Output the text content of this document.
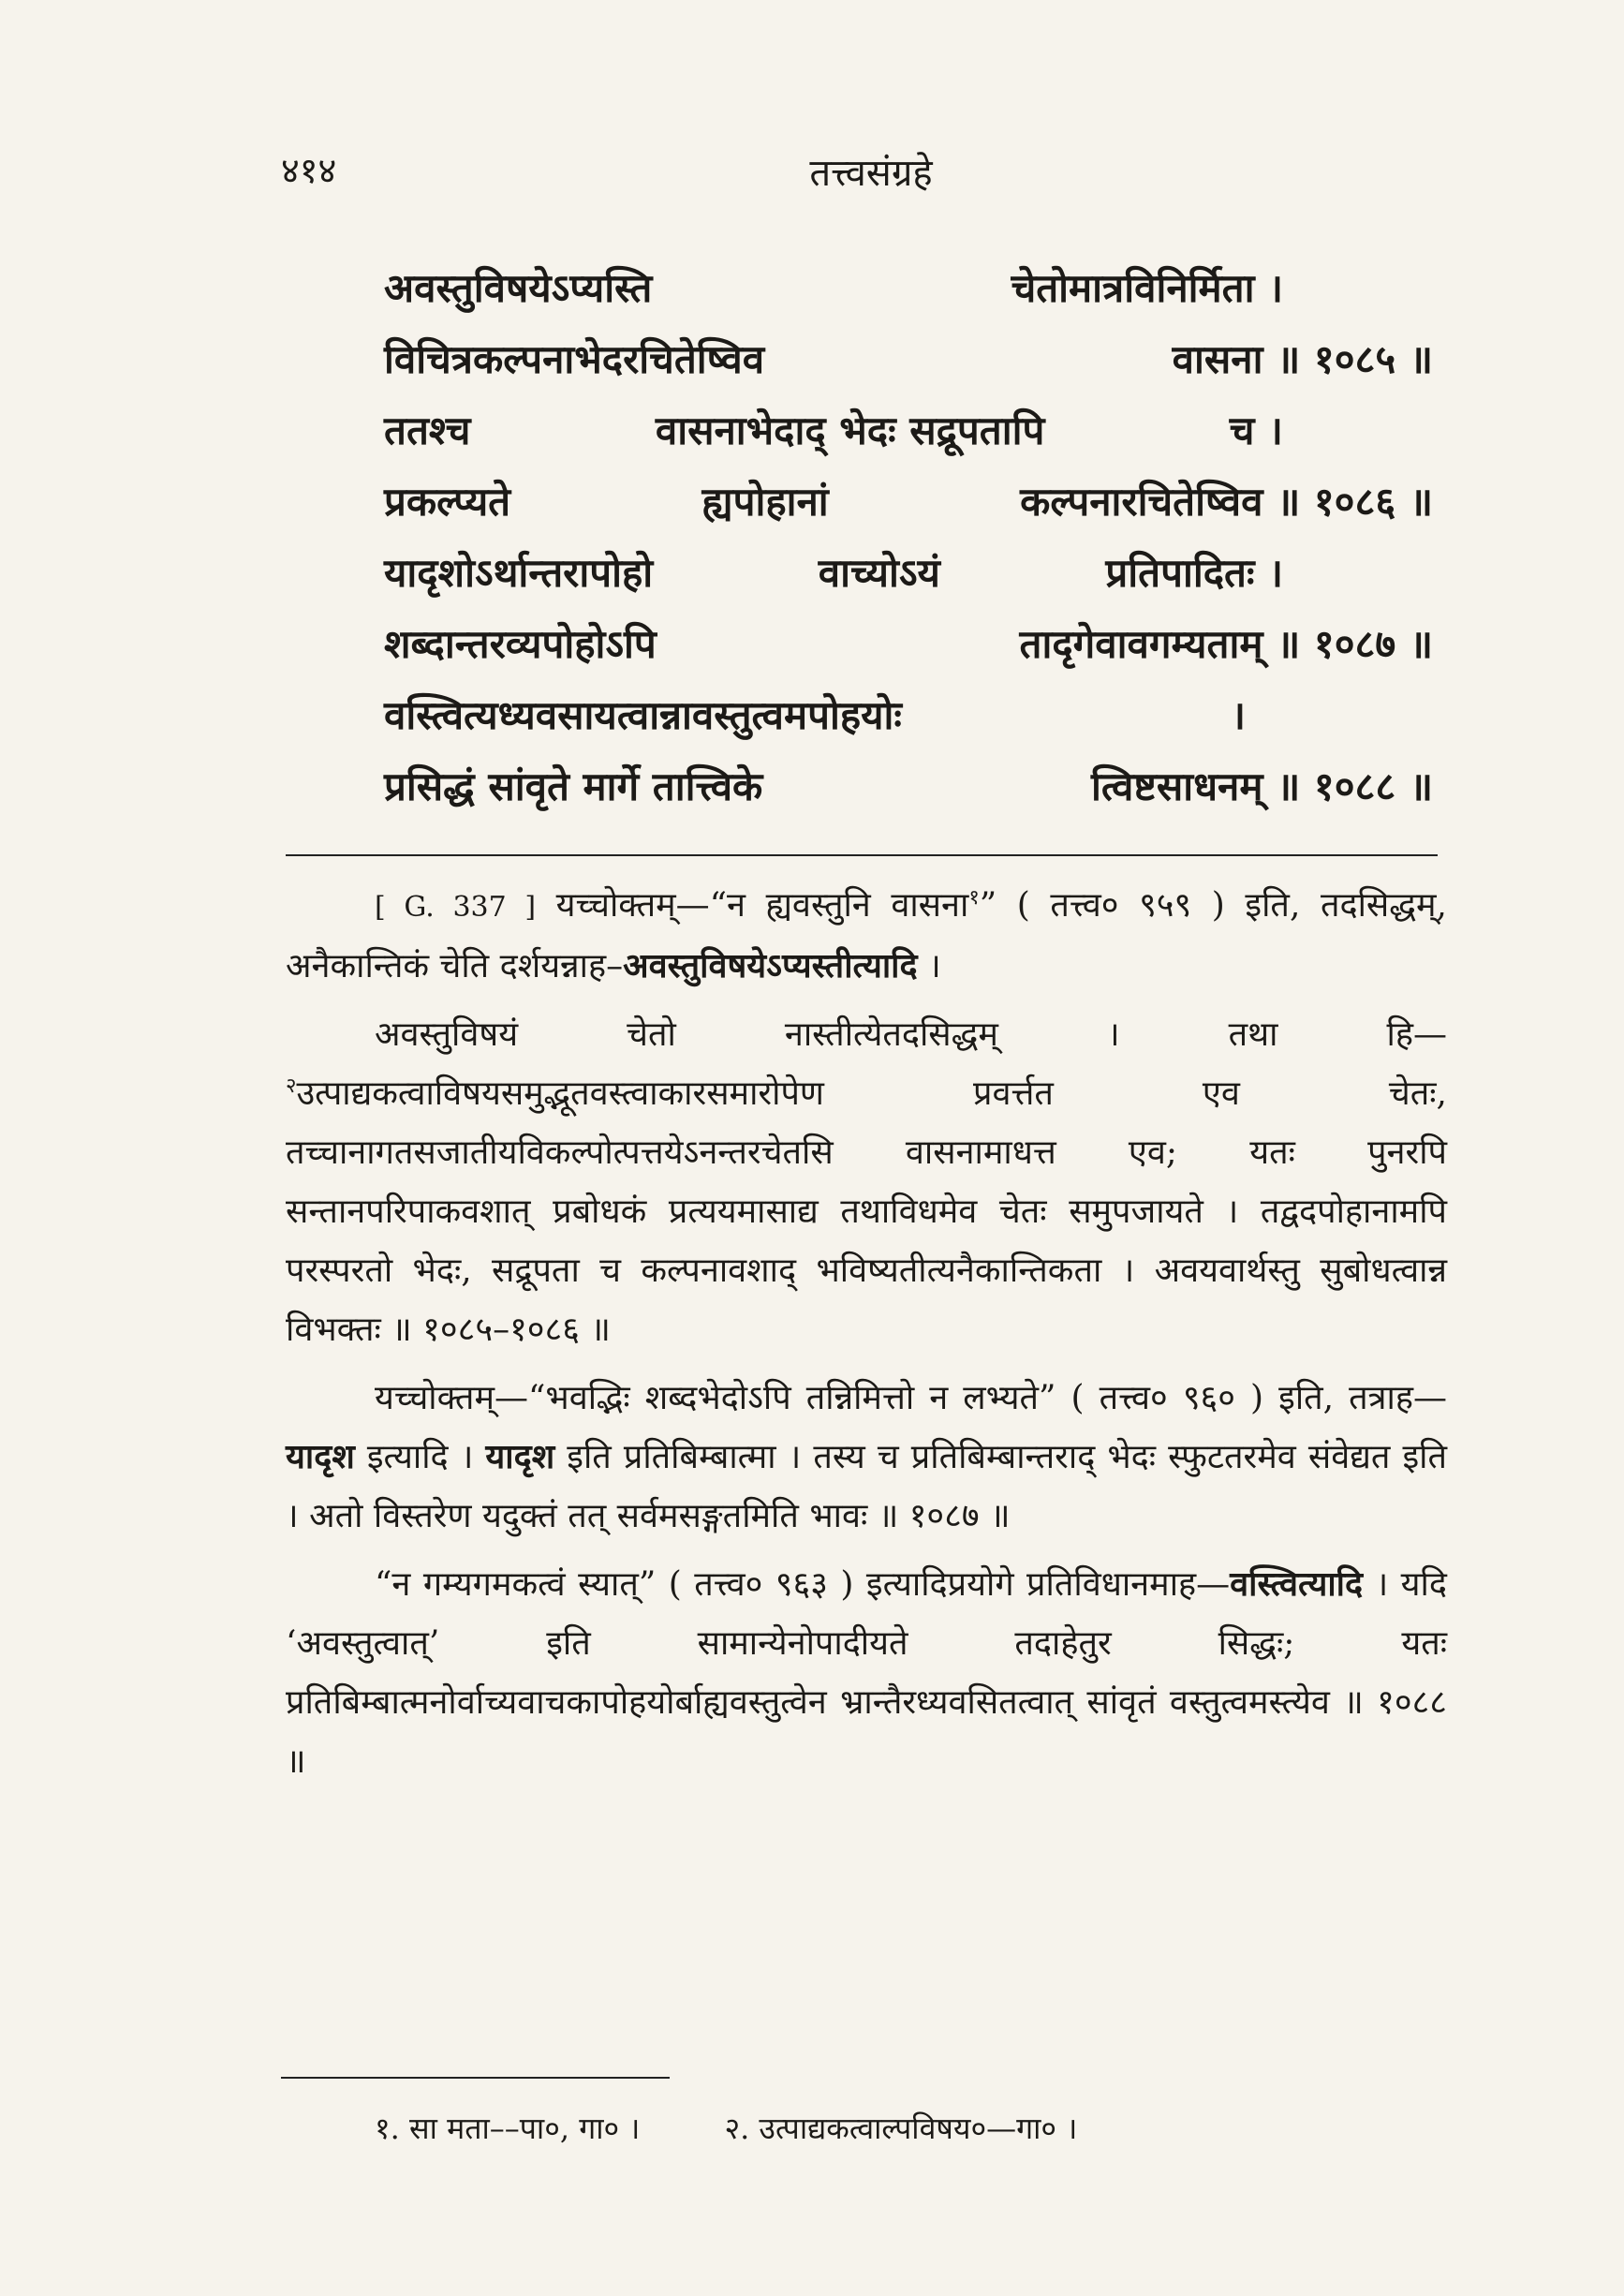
४१४	तत्त्वसंग्रहे
अवस्तुविषयेऽप्यस्ति	चेतोमात्रविनिर्मिता ।
विचित्रकल्पनाभेदरचितेष्विव	वासना ॥ १०८५ ॥
ततश्च	वासनाभेदाद् भेदः सद्रूपतापि	च ।
प्रकल्प्यते	ह्यपोहानां	कल्पनारचितेष्विव ॥ १०८६ ॥
यादृशोऽर्थान्तरापोहो	वाच्योऽयं	प्रतिपादितः ।
शब्दान्तरव्यपोहोऽपि	तादृगेवावगम्यताम् ॥ १०८७ ॥
वस्त्वित्यध्यवसायत्वान्नावस्तुत्वमपोहयोः	।
प्रसिद्धं सांवृते मार्गे तात्त्विके	त्विष्टसाधनम् ॥ १०८८ ॥

[ G. 337 ] यच्चोक्तम्—“न ह्यवस्तुनि वासना$^१$” ( तत्त्व० ९५९ ) इति, तदसिद्धम्, अनैकान्तिकं चेति दर्शयन्नाह–अवस्तुविषयेऽप्यस्तीत्यादि ।

अवस्तुविषयं चेतो नास्तीत्येतदसिद्धम् । तथा हि—$^२$उत्पाद्यकत्वाविषयसमुद्भूतवस्त्वाकारसमारोपेण प्रवर्त्तत एव चेतः, तच्चानागतसजातीयविकल्पोत्पत्तयेऽनन्तरचेतसि वासनामाधत्त एव; यतः पुनरपि सन्तानपरिपाकवशात् प्रबोधकं प्रत्ययमासाद्य तथाविधमेव चेतः समुपजायते । तद्वदपोहानामपि परस्परतो भेदः, सद्रूपता च कल्पनावशाद् भविष्यतीत्यनैकान्तिकता । अवयवार्थस्तु सुबोधत्वान्न विभक्तः ॥ १०८५–१०८६ ॥

यच्चोक्तम्—“भवद्भिः शब्दभेदोऽपि तन्निमित्तो न लभ्यते” ( तत्त्व० ९६० ) इति, तत्राह—यादृश इत्यादि । यादृश इति प्रतिबिम्बात्मा । तस्य च प्रतिबिम्बान्तराद् भेदः स्फुटतरमेव संवेद्यत इति । अतो विस्तरेण यदुक्तं तत् सर्वमसङ्गतमिति भावः ॥ १०८७ ॥

“न गम्यगमकत्वं स्यात्” ( तत्त्व० ९६३ ) इत्यादिप्रयोगे प्रतिविधानमाह—वस्त्वित्यादि । यदि ‘अवस्तुत्वात्’ इति सामान्येनोपादीयते तदाहेतुर सिद्धः; यतः प्रतिबिम्बात्मनोर्वाच्यवाचकापोहयोर्बाह्यवस्तुत्वेन भ्रान्तैरध्यवसितत्वात् सांवृतं वस्तुत्वमस्त्येव ॥ १०८८ ॥

१. सा मता––पा०, गा० ।	२. उत्पाद्यकत्वाल्पविषय०—गा० ।
